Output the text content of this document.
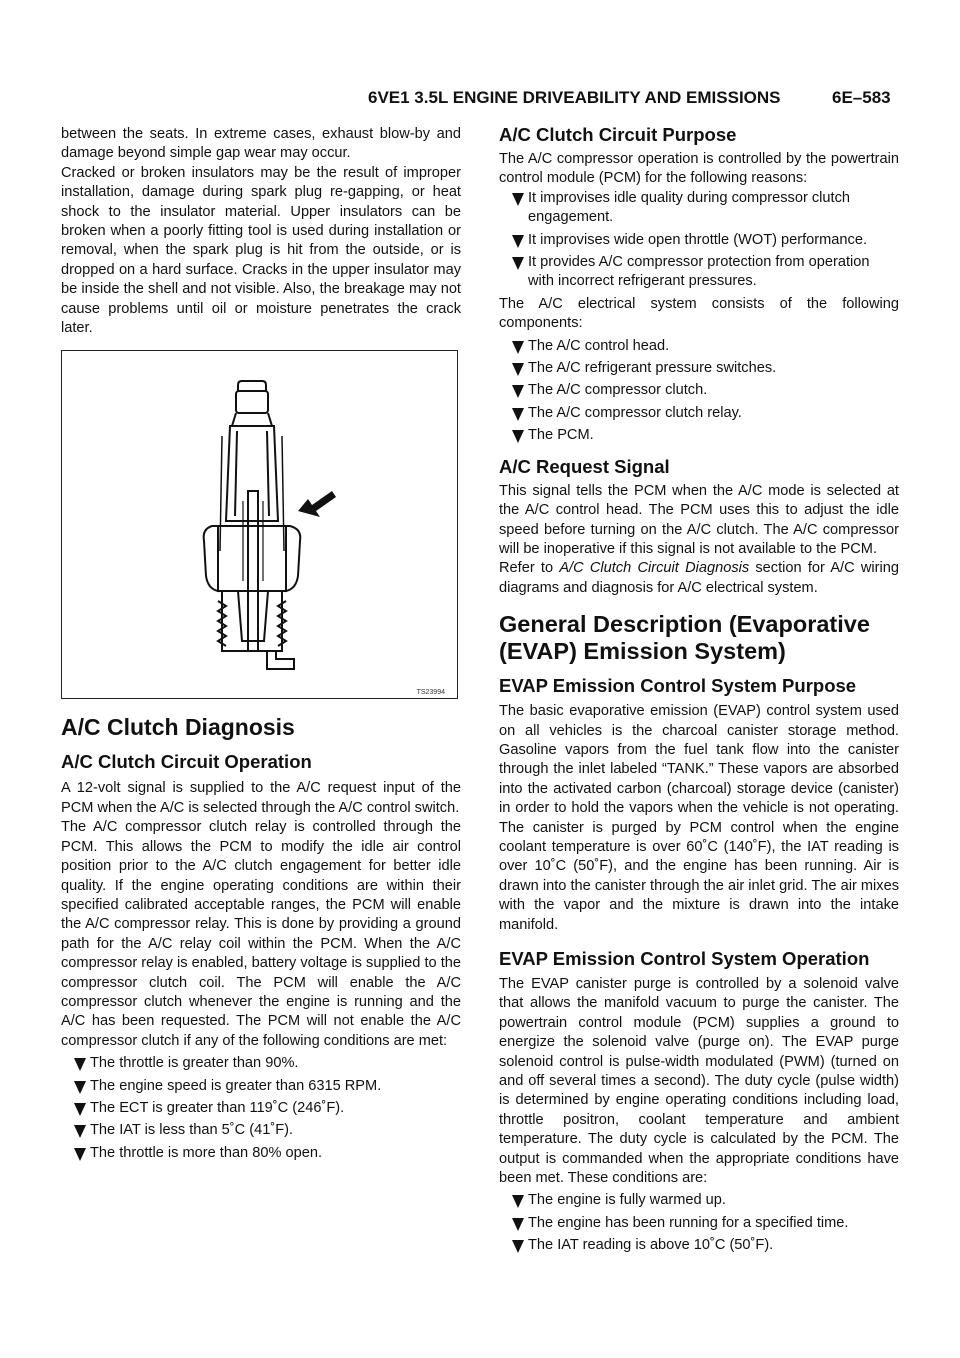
6VE1 3.5L ENGINE DRIVEABILITY AND EMISSIONS	6E–583

between the seats. In extreme cases, exhaust blow-by and damage beyond simple gap wear may occur.

Cracked or broken insulators may be the result of improper installation, damage during spark plug re-gapping, or heat shock to the insulator material. Upper insulators can be broken when a poorly fitting tool is used during installation or removal, when the spark plug is hit from the outside, or is dropped on a hard surface. Cracks in the upper insulator may be inside the shell and not visible. Also, the breakage may not cause problems until oil or moisture penetrates the crack later.

TS23994
A/C Clutch Diagnosis
A/C Clutch Circuit Operation

A 12-volt signal is supplied to the A/C request input of the PCM when the A/C is selected through the A/C control switch.

The A/C compressor clutch relay is controlled through the PCM. This allows the PCM to modify the idle air control position prior to the A/C clutch engagement for better idle quality. If the engine operating conditions are within their specified calibrated acceptable ranges, the PCM will enable the A/C compressor relay. This is done by providing a ground path for the A/C relay coil within the PCM. When the A/C compressor relay is enabled, battery voltage is supplied to the compressor clutch coil. The PCM will enable the A/C compressor clutch whenever the engine is running and the A/C has been requested. The PCM will not enable the A/C compressor clutch if any of the following conditions are met:

The throttle is greater than 90%.
The engine speed is greater than 6315 RPM.
The ECT is greater than 119˚C (246˚F).
The IAT is less than 5˚C (41˚F).
The throttle is more than 80% open.
A/C Clutch Circuit Purpose

The A/C compressor operation is controlled by the powertrain control module (PCM) for the following reasons:

It improvises idle quality during compressor clutch engagement.
It improvises wide open throttle (WOT) performance.
It provides A/C compressor protection from operation with incorrect refrigerant pressures.

The A/C electrical system consists of the following components:

The A/C control head.
The A/C refrigerant pressure switches.
The A/C compressor clutch.
The A/C compressor clutch relay.
The PCM.
A/C Request Signal

This signal tells the PCM when the A/C mode is selected at the A/C control head. The PCM uses this to adjust the idle speed before turning on the A/C clutch. The A/C compressor will be inoperative if this signal is not available to the PCM.

Refer to A/C Clutch Circuit Diagnosis section for A/C wiring diagrams and diagnosis for A/C electrical system.

General Description (Evaporative (EVAP) Emission System)
EVAP Emission Control System Purpose

The basic evaporative emission (EVAP) control system used on all vehicles is the charcoal canister storage method. Gasoline vapors from the fuel tank flow into the canister through the inlet labeled “TANK.” These vapors are absorbed into the activated carbon (charcoal) storage device (canister) in order to hold the vapors when the vehicle is not operating. The canister is purged by PCM control when the engine coolant temperature is over 60˚C (140˚F), the IAT reading is over 10˚C (50˚F), and the engine has been running. Air is drawn into the canister through the air inlet grid. The air mixes with the vapor and the mixture is drawn into the intake manifold.

EVAP Emission Control System Operation

The EVAP canister purge is controlled by a solenoid valve that allows the manifold vacuum to purge the canister. The powertrain control module (PCM) supplies a ground to energize the solenoid valve (purge on). The EVAP purge solenoid control is pulse-width modulated (PWM) (turned on and off several times a second). The duty cycle (pulse width) is determined by engine operating conditions including load, throttle positron, coolant temperature and ambient temperature. The duty cycle is calculated by the PCM. The output is commanded when the appropriate conditions have been met. These conditions are:

The engine is fully warmed up.
The engine has been running for a specified time.
The IAT reading is above 10˚C (50˚F).
